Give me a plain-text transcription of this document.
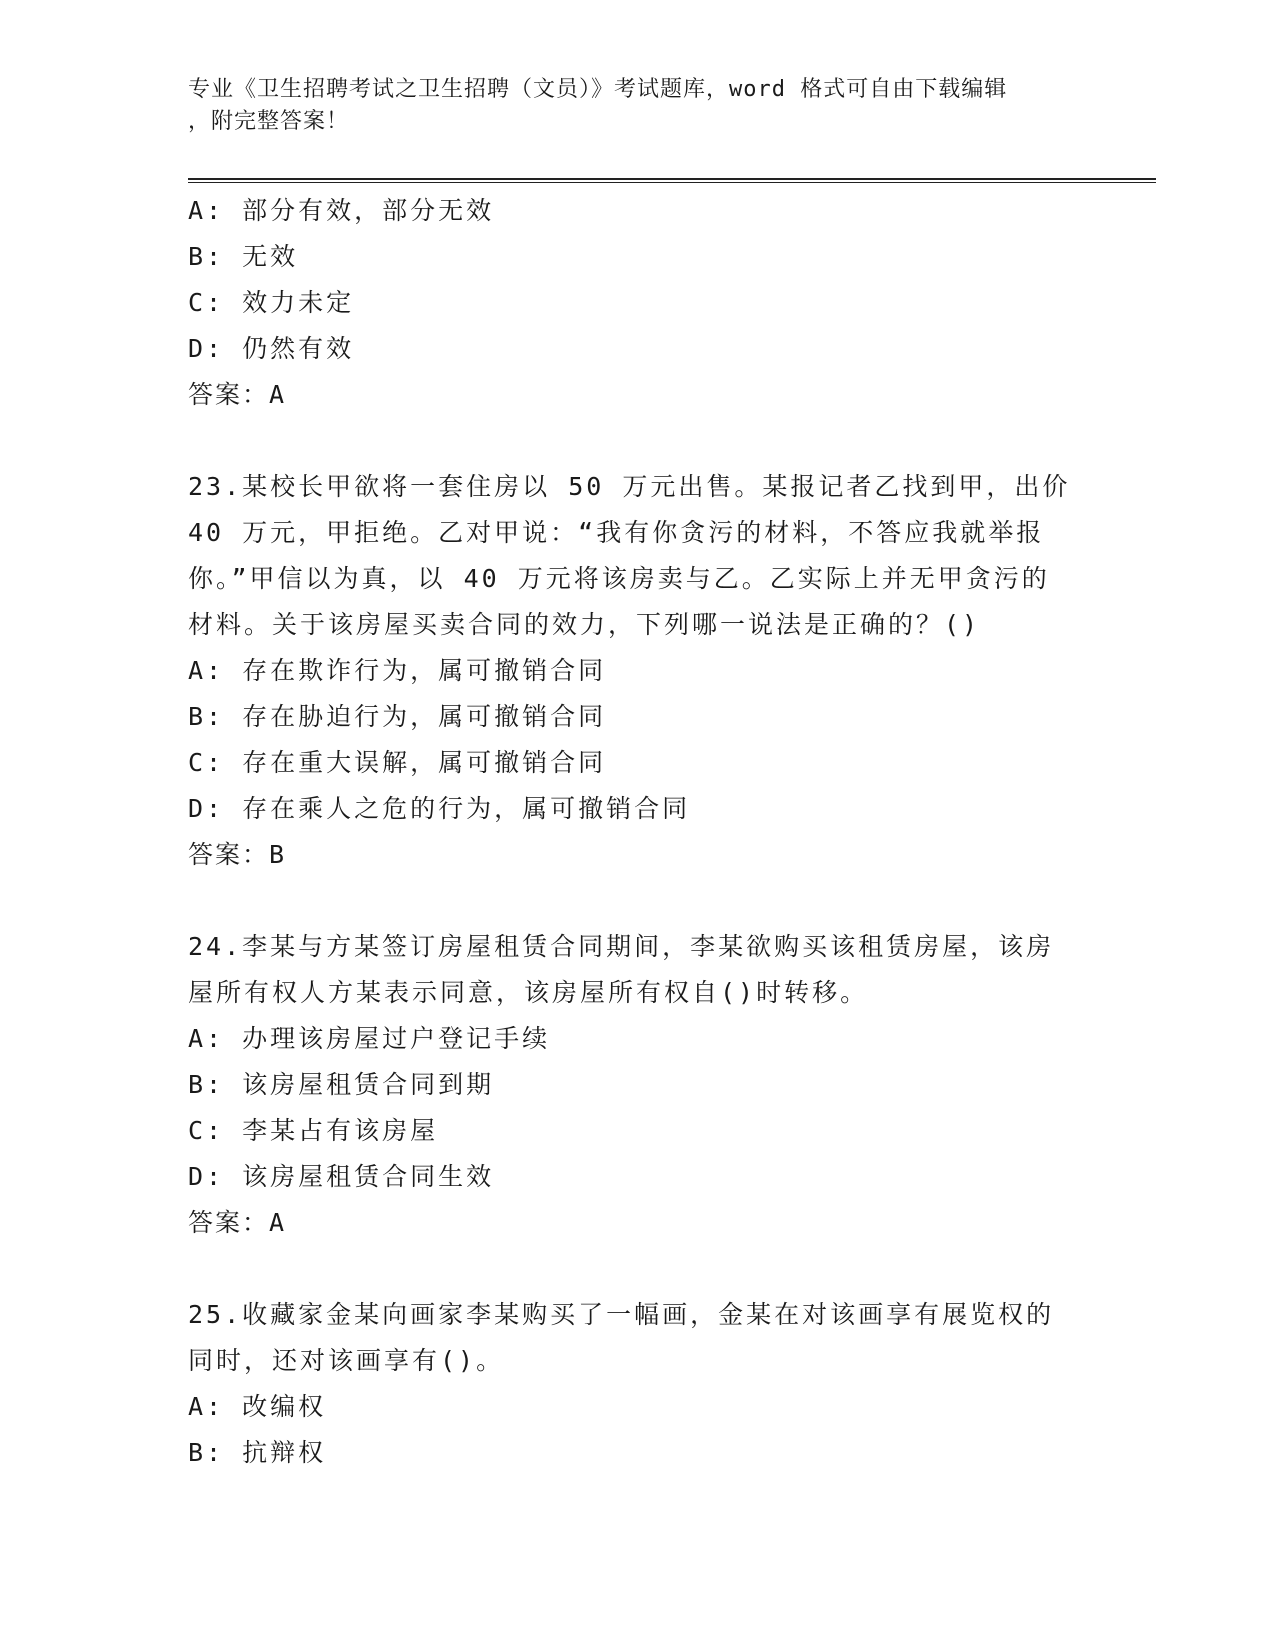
专业《卫生招聘考试之卫生招聘（文员）》考试题库，word 格式可自由下载编辑
，附完整答案！
A: 部分有效，部分无效
B: 无效
C: 效力未定
D: 仍然有效
答案：A
23.某校长甲欲将一套住房以 50 万元出售。某报记者乙找到甲，出价
40 万元，甲拒绝。乙对甲说：“我有你贪污的材料，不答应我就举报
你。”甲信以为真，以 40 万元将该房卖与乙。乙实际上并无甲贪污的
材料。关于该房屋买卖合同的效力，下列哪一说法是正确的？()
A: 存在欺诈行为，属可撤销合同
B: 存在胁迫行为，属可撤销合同
C: 存在重大误解，属可撤销合同
D: 存在乘人之危的行为，属可撤销合同
答案：B
24.李某与方某签订房屋租赁合同期间，李某欲购买该租赁房屋，该房
屋所有权人方某表示同意，该房屋所有权自()时转移。
A: 办理该房屋过户登记手续
B: 该房屋租赁合同到期
C: 李某占有该房屋
D: 该房屋租赁合同生效
答案：A
25.收藏家金某向画家李某购买了一幅画，金某在对该画享有展览权的
同时，还对该画享有()。
A: 改编权
B: 抗辩权
